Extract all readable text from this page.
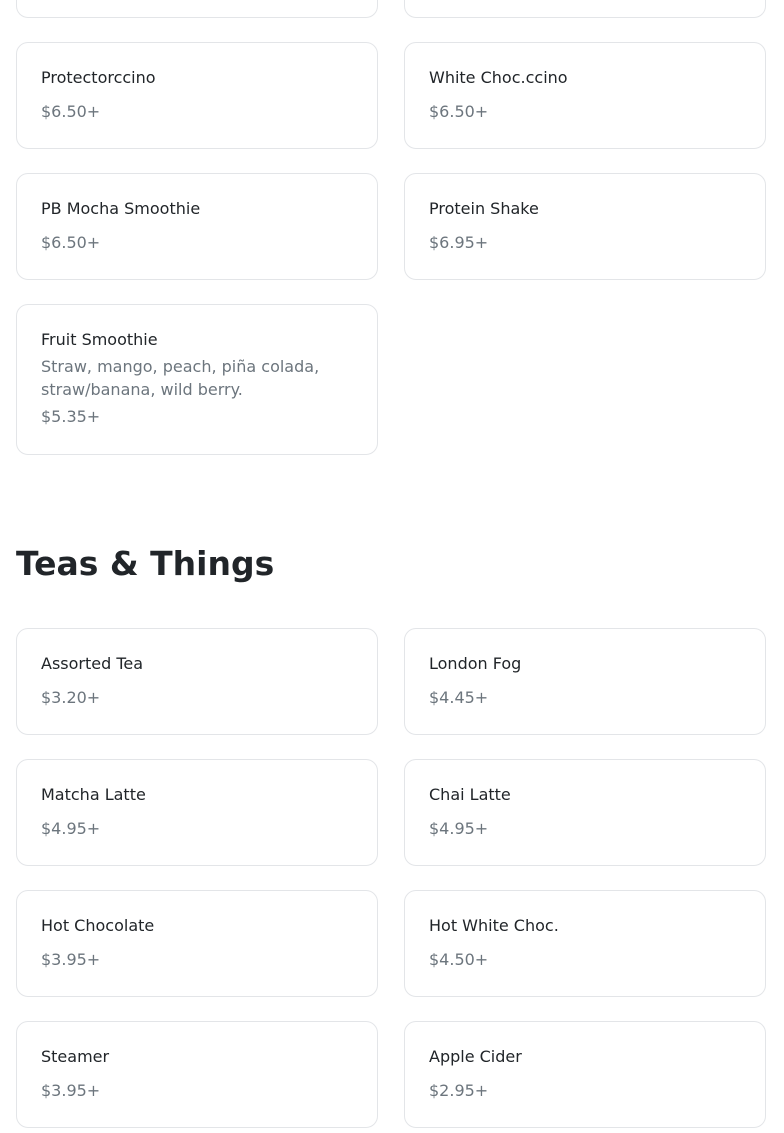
Protectorccino

$6.50+

White Choc.ccino

$6.50+

PB Mocha Smoothie

$6.50+

Protein Shake

$6.95+

Fruit Smoothie

Straw, mango, peach, piña colada, straw/banana, wild berry.

$5.35+

Teas & Things

Assorted Tea

$3.20+

London Fog

$4.45+

Matcha Latte

$4.95+

Chai Latte

$4.95+

Hot Chocolate

$3.95+

Hot White Choc.

$4.50+

Steamer

$3.95+

Apple Cider

$2.95+
